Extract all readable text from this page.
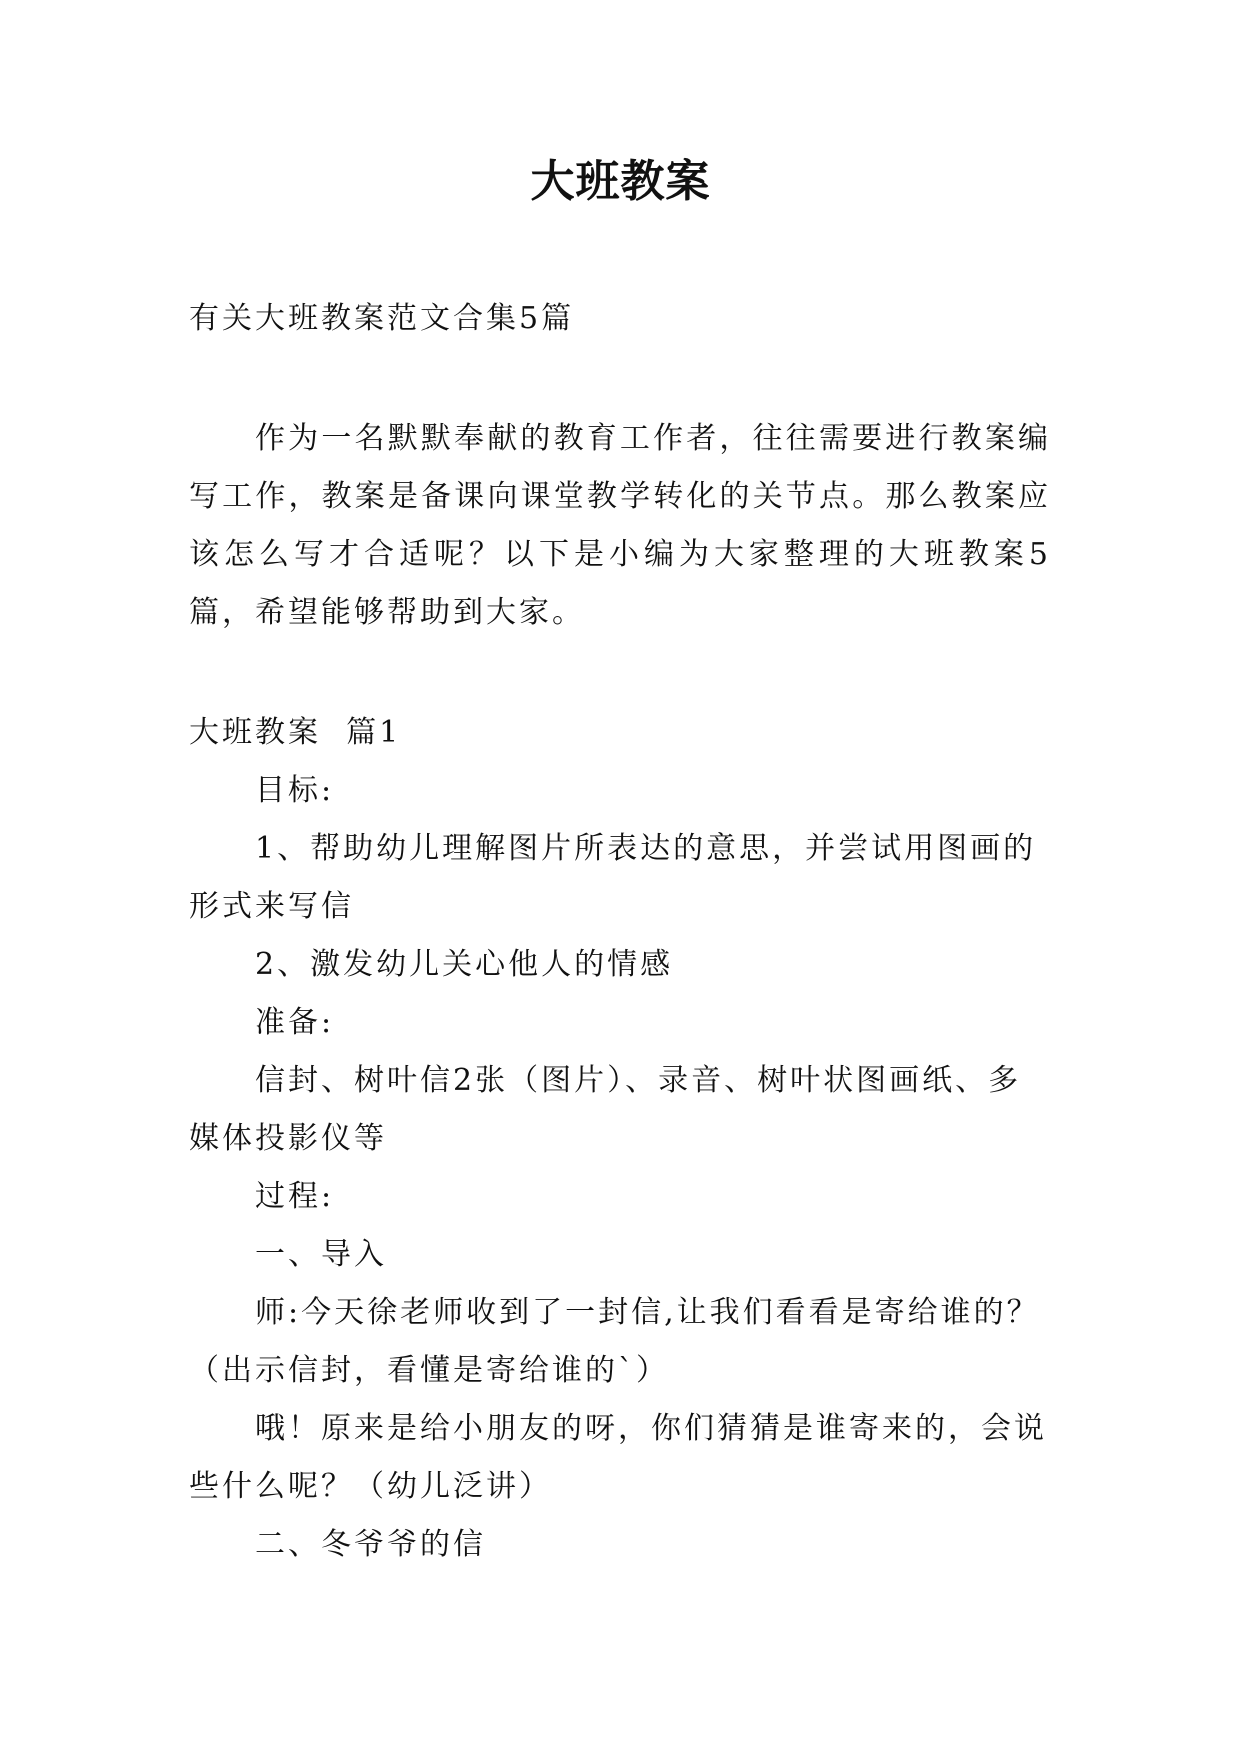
大班教案

有关大班教案范文合集5篇

作为一名默默奉献的教育工作者，往往需要进行教案编写工作，教案是备课向课堂教学转化的关节点。那么教案应该怎么写才合适呢？以下是小编为大家整理的大班教案5篇，希望能够帮助到大家。

大班教案  篇1

目标:

1、帮助幼儿理解图片所表达的意思，并尝试用图画的形式来写信

2、激发幼儿关心他人的情感

准备:

信封、树叶信2张（图片）、录音、树叶状图画纸、多媒体投影仪等

过程:

一、导入

师:今天徐老师收到了一封信,让我们看看是寄给谁的？（出示信封，看懂是寄给谁的`）

哦！原来是给小朋友的呀，你们猜猜是谁寄来的，会说些什么呢？（幼儿泛讲）

二、冬爷爷的信
